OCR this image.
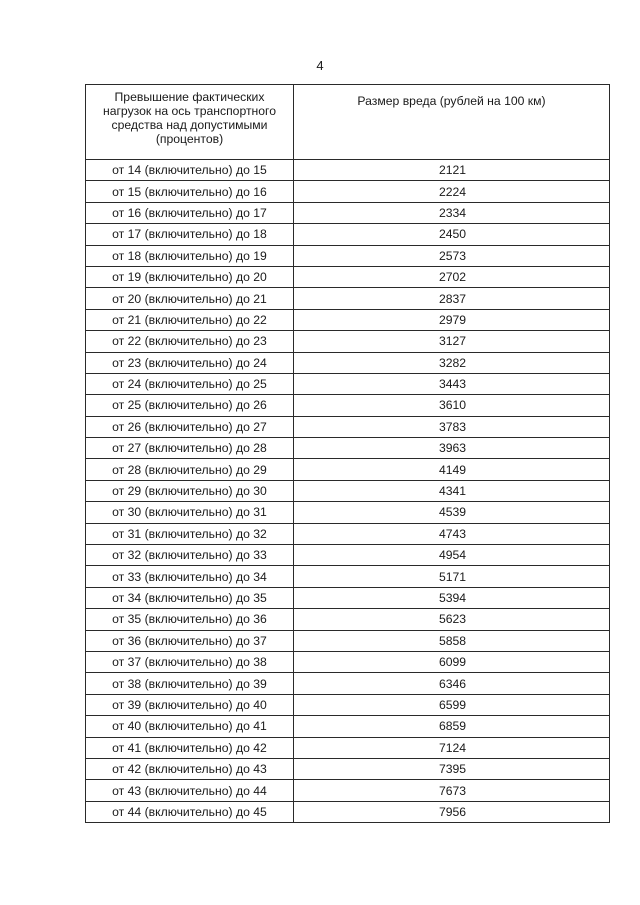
4
Превышение фактических нагрузок на ось транспортного средства над допустимыми (процентов)	Размер вреда (рублей на 100 км)
от 14 (включительно) до 15	2121
от 15 (включительно) до 16	2224
от 16 (включительно) до 17	2334
от 17 (включительно) до 18	2450
от 18 (включительно) до 19	2573
от 19 (включительно) до 20	2702
от 20 (включительно) до 21	2837
от 21 (включительно) до 22	2979
от 22 (включительно) до 23	3127
от 23 (включительно) до 24	3282
от 24 (включительно) до 25	3443
от 25 (включительно) до 26	3610
от 26 (включительно) до 27	3783
от 27 (включительно) до 28	3963
от 28 (включительно) до 29	4149
от 29 (включительно) до 30	4341
от 30 (включительно) до 31	4539
от 31 (включительно) до 32	4743
от 32 (включительно) до 33	4954
от 33 (включительно) до 34	5171
от 34 (включительно) до 35	5394
от 35 (включительно) до 36	5623
от 36 (включительно) до 37	5858
от 37 (включительно) до 38	6099
от 38 (включительно) до 39	6346
от 39 (включительно) до 40	6599
от 40 (включительно) до 41	6859
от 41 (включительно) до 42	7124
от 42 (включительно) до 43	7395
от 43 (включительно) до 44	7673
от 44 (включительно) до 45	7956
